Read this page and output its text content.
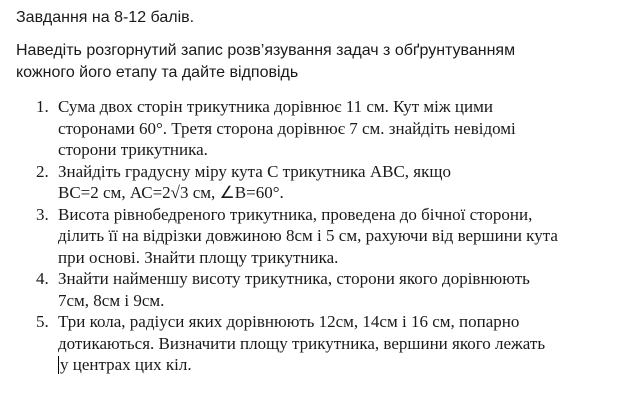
Завдання на 8-12 балів.
Наведіть розгорнутий запис розв’язування задач з обґрунтуванням
кожного його етапу та дайте відповідь
1. Сума двох сторін трикутника дорівнює 11 см. Кут між цими
сторонами 60°. Третя сторона дорівнює 7 см. знайдіть невідомі
сторони трикутника.
2. Знайдіть градусну міру кута С трикутника АВС, якщо
ВС=2 см, АС=2√3 см, ∠В=60°.
3. Висота рівнобедреного трикутника, проведена до бічної сторони,
ділить її на відрізки довжиною 8см і 5 см, рахуючи від вершини кута
при основі. Знайти площу трикутника.
4. Знайти найменшу висоту трикутника, сторони якого дорівнюють
7см, 8см і 9см.
5. Три кола, радіуси яких дорівнюють 12см, 14см і 16 см, попарно
дотикаються. Визначити площу трикутника, вершини якого лежать
у центрах цих кіл.
